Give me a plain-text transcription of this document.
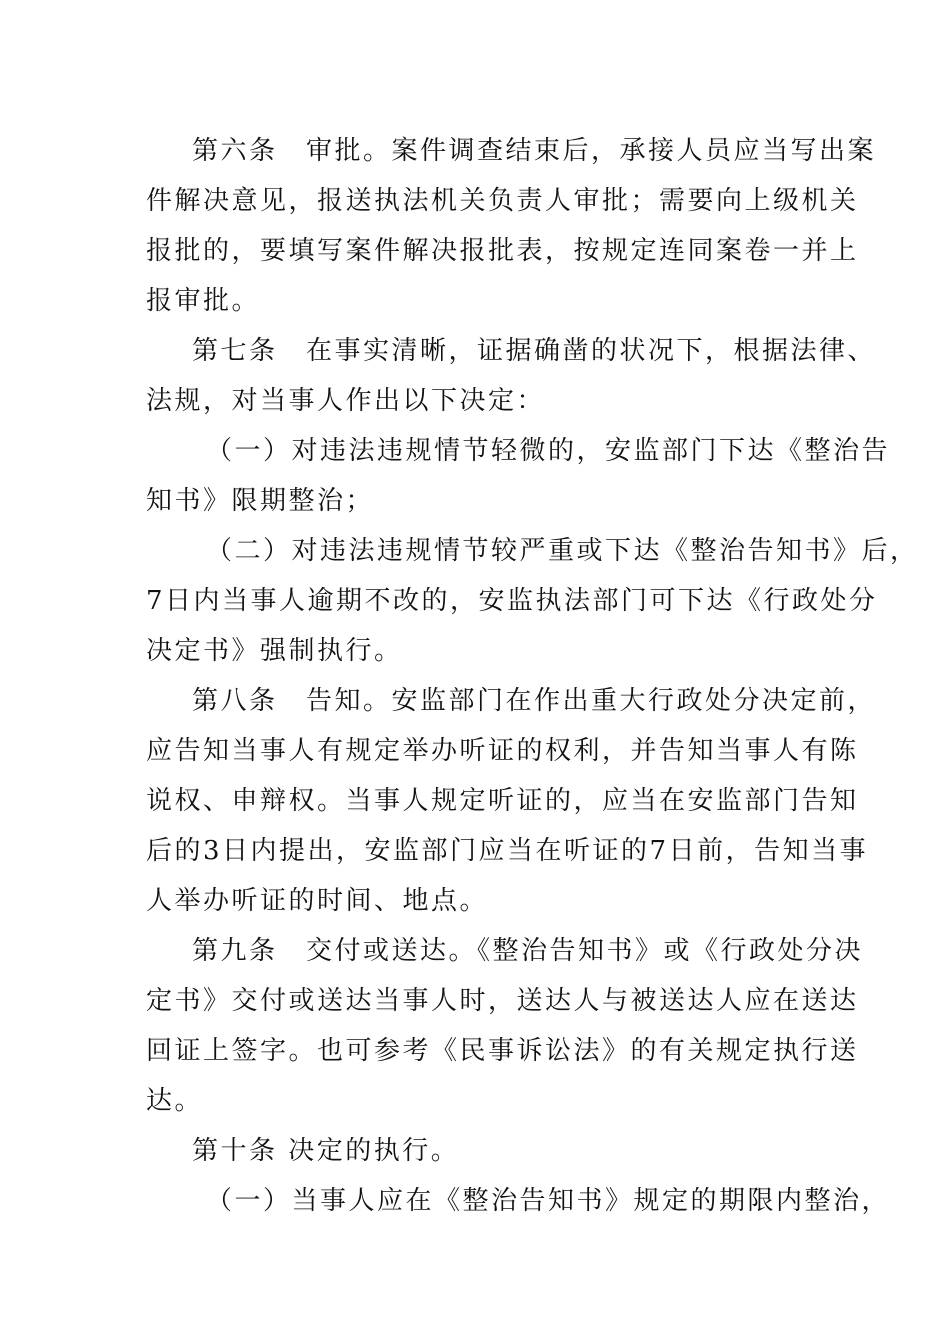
第六条　审批。案件调查结束后，承接人员应当写出案
件解决意见，报送执法机关负责人审批；需要向上级机关
报批的，要填写案件解决报批表，按规定连同案卷一并上
报审批。
第七条　在事实清晰，证据确凿的状况下，根据法律、
法规，对当事人作出以下决定：
（一）对违法违规情节轻微的，安监部门下达《整治告
知书》限期整治；
（二）对违法违规情节较严重或下达《整治告知书》后，
7日内当事人逾期不改的，安监执法部门可下达《行政处分
决定书》强制执行。
第八条　告知。安监部门在作出重大行政处分决定前，
应告知当事人有规定举办听证的权利，并告知当事人有陈
说权、申辩权。当事人规定听证的，应当在安监部门告知
后的3日内提出，安监部门应当在听证的7日前，告知当事
人举办听证的时间、地点。
第九条　交付或送达。《整治告知书》或《行政处分决
定书》交付或送达当事人时，送达人与被送达人应在送达
回证上签字。也可参考《民事诉讼法》的有关规定执行送
达。
第十条 决定的执行。
（一）当事人应在《整治告知书》规定的期限内整治，
